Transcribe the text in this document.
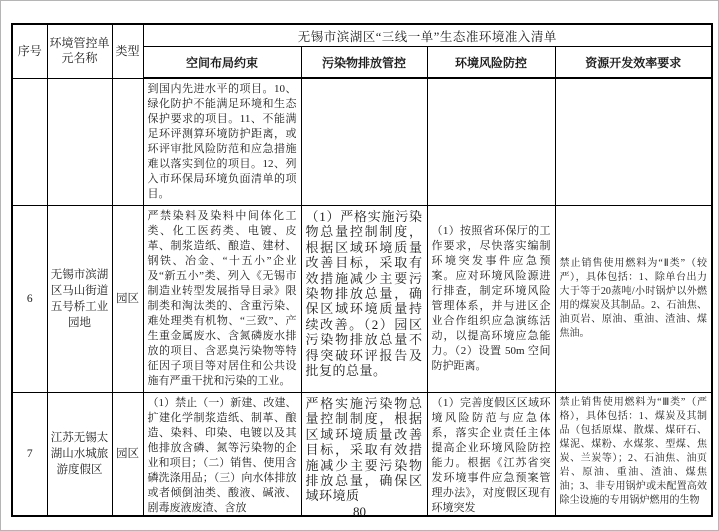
序号	环境管控单元名称	类型	无锡市滨湖区“三线一单”生态准环境准入清单			
			空间布局约束	污染物排放管控	环境风险防控	资源开发效率要求

			到国内先进水平的项目。10、绿化防护不能满足环境和生态保护要求的项目。11、不能满足环评测算环境防护距离，或环评审批风险防范和应急措施难以落实到位的项目。12、列入市环保局环境负面清单的项目。			

6	无锡市滨湖区马山街道五号桥工业园地	园区	严禁染料及染料中间体化工类、化工医药类、电镀、皮革、制浆造纸、酿造、建材、钢铁、冶金、“十五小”企业及“新五小”类、列入《无锡市制造业转型发展指导目录》限制类和淘汰类的、含重污染、难处理类有机物、“三致”、产生重金属废水、含氮磷废水排放的项目、含恶臭污染物等特征因子项目等对居住和公共设施有严重干扰和污染的工业。	（1）严格实施污染物总量控制制度，根据区域环境质量改善目标，采取有效措施减少主要污染物排放总量，确保区域环境质量持续改善。（2）园区污染物排放总量不得突破环评报告及批复的总量。	（1）按照省环保厅的工作要求，尽快落实编制环境突发事件应急预案。应对环境风险源进行排查，制定环境风险管理体系，并与进区企业合作组织应急演练活动，以提高环境应急能力。（2）设置 50m 空间防护距离。	禁止销售使用燃料为“Ⅱ类”（较严），具体包括：1、除单台出力大于等于20蒸吨/小时锅炉以外燃用的煤炭及其制品。2、石油焦、油页岩、原油、重油、渣油、煤焦油。

7	江苏无锡太湖山水城旅游度假区	园区	（1）禁止（一）新建、改建、扩建化学制浆造纸、制革、酿造、染料、印染、电镀以及其他排放含磷、氮等污染物的企业和项目；（二）销售、使用含磷洗涤用品；（三）向水体排放或者倾倒油类、酸液、碱液、剧毒废液废渣、含放	严格实施污染物总量控制制度，根据区域环境质量改善目标，采取有效措施减少主要污染物排放总量，确保区域环境质	（1）完善度假区区域环境风险防范与应急体系，落实企业责任主体提高企业环境风险防控能力。根据《江苏省突发环境事件应急预案管理办法》，对度假区现有环境突发	禁止销售使用燃料为“Ⅲ类”（严格），具体包括：1、煤炭及其制品（包括原煤、散煤、煤矸石、煤泥、煤粉、水煤浆、型煤、焦炭、兰炭等）；2、石油焦、油页岩、原油、重油、渣油、煤焦油；3、非专用锅炉或未配置高效除尘设施的专用锅炉燃用的生物
80
